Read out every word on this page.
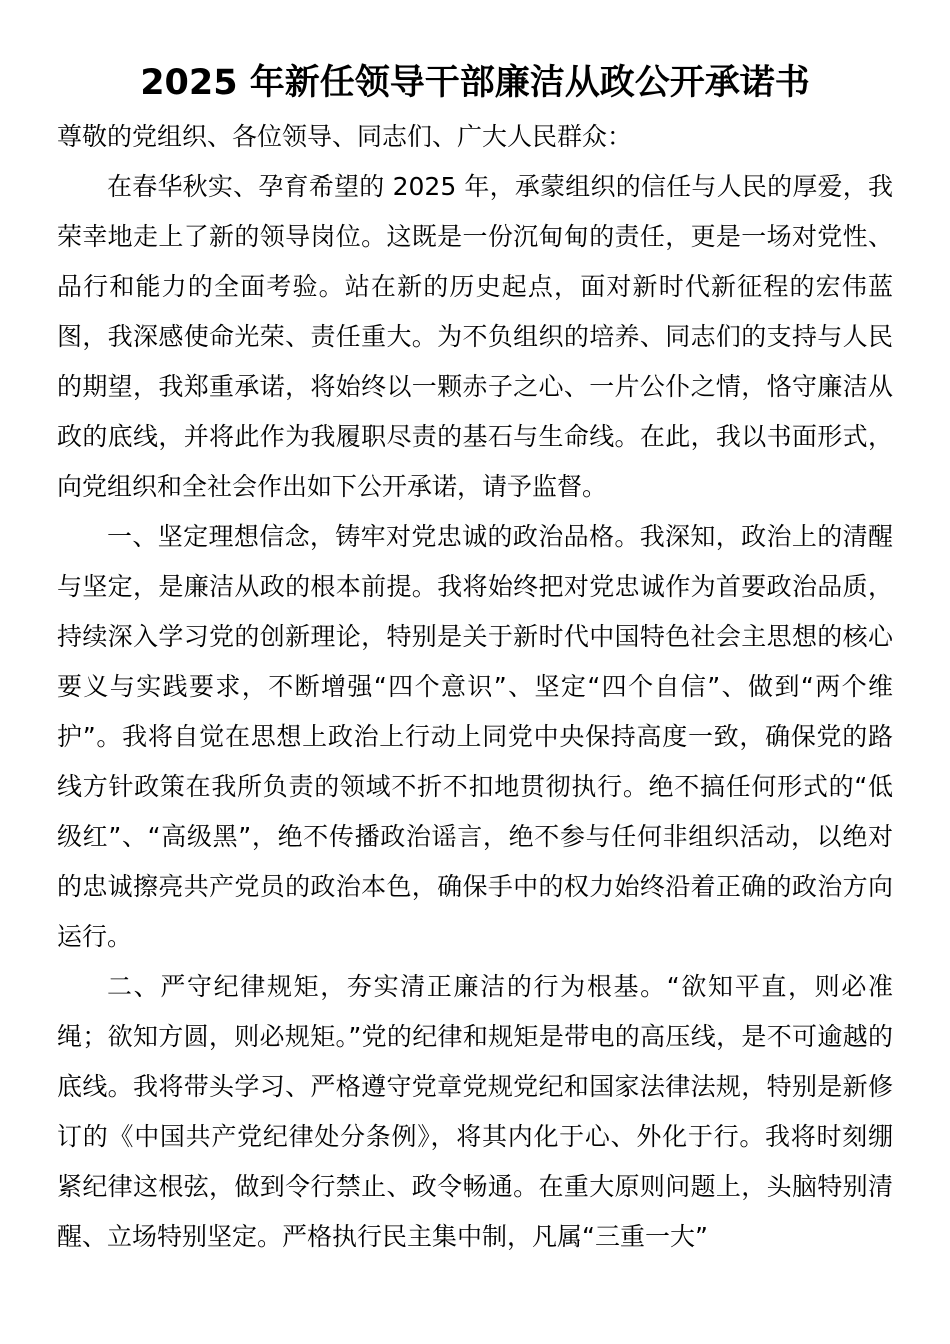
2025 年新任领导干部廉洁从政公开承诺书

尊敬的党组织、各位领导、同志们、广大人民群众：

在春华秋实、孕育希望的 2025 年，承蒙组织的信任与人民的厚爱，我荣幸地走上了新的领导岗位。这既是一份沉甸甸的责任，更是一场对党性、品行和能力的全面考验。站在新的历史起点，面对新时代新征程的宏伟蓝图，我深感使命光荣、责任重大。为不负组织的培养、同志们的支持与人民的期望，我郑重承诺，将始终以一颗赤子之心、一片公仆之情，恪守廉洁从政的底线，并将此作为我履职尽责的基石与生命线。在此，我以书面形式，向党组织和全社会作出如下公开承诺，请予监督。

一、坚定理想信念，铸牢对党忠诚的政治品格。我深知，政治上的清醒与坚定，是廉洁从政的根本前提。我将始终把对党忠诚作为首要政治品质，持续深入学习党的创新理论，特别是关于新时代中国特色社会主思想的核心要义与实践要求，不断增强“四个意识”、坚定“四个自信”、做到“两个维护”。我将自觉在思想上政治上行动上同党中央保持高度一致，确保党的路线方针政策在我所负责的领域不折不扣地贯彻执行。绝不搞任何形式的“低级红”、“高级黑”，绝不传播政治谣言，绝不参与任何非组织活动，以绝对的忠诚擦亮共产党员的政治本色，确保手中的权力始终沿着正确的政治方向运行。

二、严守纪律规矩，夯实清正廉洁的行为根基。“欲知平直，则必准绳；欲知方圆，则必规矩。”党的纪律和规矩是带电的高压线，是不可逾越的底线。我将带头学习、严格遵守党章党规党纪和国家法律法规，特别是新修订的《中国共产党纪律处分条例》，将其内化于心、外化于行。我将时刻绷紧纪律这根弦，做到令行禁止、政令畅通。在重大原则问题上，头脑特别清醒、立场特别坚定。严格执行民主集中制，凡属“三重一大”
